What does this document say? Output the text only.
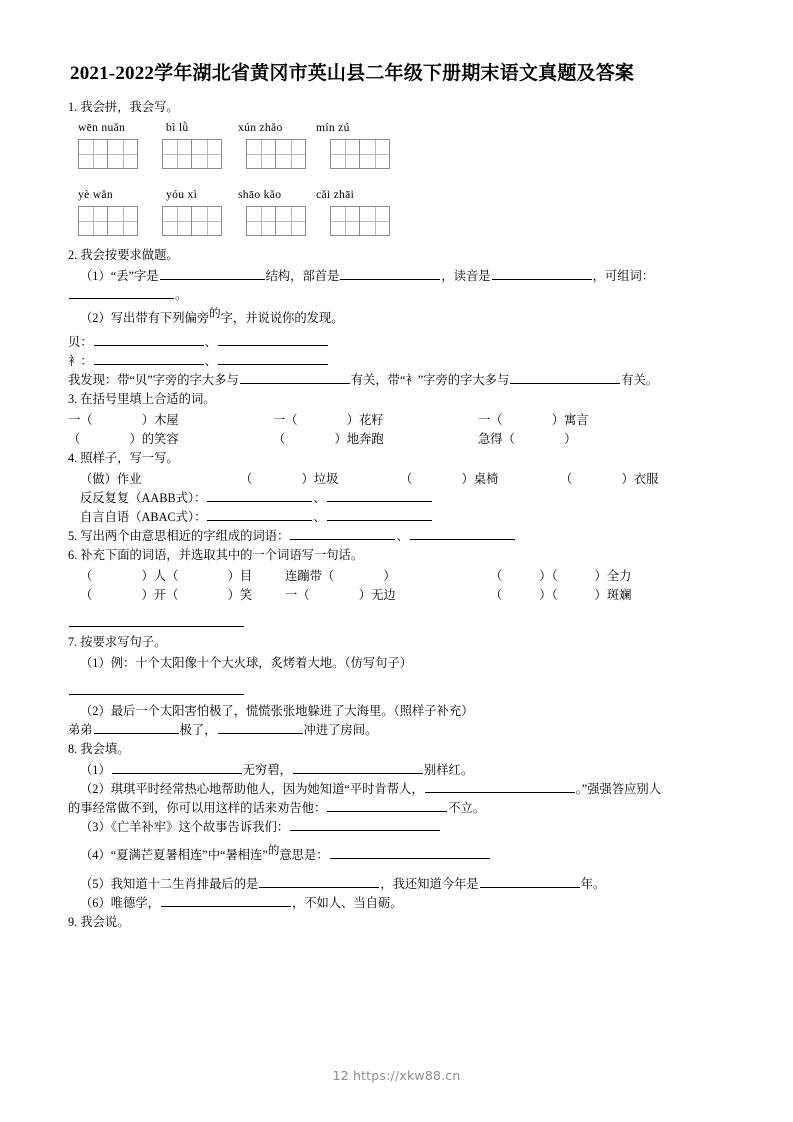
2021-2022学年湖北省黄冈市英山县二年级下册期末语文真题及答案
1. 我会拼，我会写。
wēn nuǎn	bì lǜ	xún zhǎo	mín zú
yè wǎn	yóu xì	shāo kǎo	cǎi zhāi
2. 我会按要求做题。
（1）“丢”字是	结构，部首是	，读音是	，可组词：
。
（2）写出带有下列偏旁的字，并说说你的发现。
贝：	、
衤：	、
我发现：带“贝”字旁的字大多与	有关，带“衤”字旁的字大多与	有关。
3. 在括号里填上合适的词。
一（　　　　）木屋	一（　　　　）花籽	一（　　　　）寓言
（　　　　）的笑容	（　　　　）地奔跑	急得（　　　　）
4. 照样子，写一写。
（做）作业	（　　　　）垃圾	（　　　　）桌椅	（　　　　）衣服
反反复复（AABB式）：	、
自言自语（ABAC式）：	、
5. 写出两个由意思相近的字组成的词语：	、
6. 补充下面的词语，并选取其中的一个词语写一句话。
（　　　　）人（　　　　）目	连蹦带（　　　　）	（　　　）（　　　）全力
（　　　　）开（　　　　）笑	一（　　　　）无边	（　　　）（　　　）斑斓
7. 按要求写句子。
（1）例：十个太阳像十个大火球，炙烤着大地。（仿写句子）
（2）最后一个太阳害怕极了，慌慌张张地躲进了大海里。（照样子补充）
弟弟	极了，	冲进了房间。
8. 我会填。
（1）	无穷碧，	别样红。
（2）琪琪平时经常热心地帮助他人，因为她知道“平时肯帮人，	。”强强答应别人
的事经常做不到，你可以用这样的话来劝告他：	不立。
（3）《亡羊补牢》这个故事告诉我们：
（4）“夏满芒夏暑相连”中“暑相连”的意思是：
（5）我知道十二生肖排最后的是	，我还知道今年是	年。
（6）唯德学，	，不如人、当自砺。
9. 我会说。
12 https://xkw88.cn
